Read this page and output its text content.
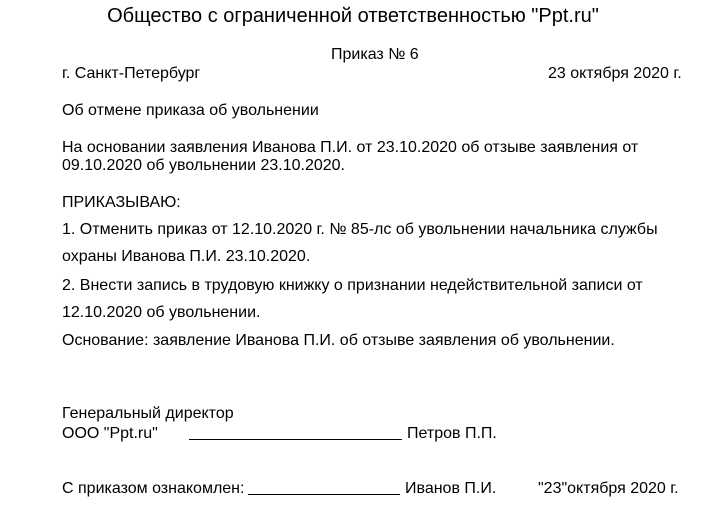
Общество с ограниченной ответственностью "Ppt.ru"
Приказ № 6
г. Санкт-Петербург	23 октября 2020 г.
Об отмене приказа об увольнении
На основании заявления Иванова П.И. от 23.10.2020 об отзыве заявления от
09.10.2020 об увольнении 23.10.2020.
ПРИКАЗЫВАЮ:
1. Отменить приказ от 12.10.2020 г. № 85-лс об увольнении начальника службы
охраны Иванова П.И. 23.10.2020.
2. Внести запись в трудовую книжку о признании недействительной записи от
12.10.2020 об увольнении.
Основание: заявление Иванова П.И. об отзыве заявления об увольнении.
Генеральный директор
ООО "Ppt.ru"	Петров П.П.
С приказом ознакомлен:	Иванов П.И.	"23"октября 2020 г.
